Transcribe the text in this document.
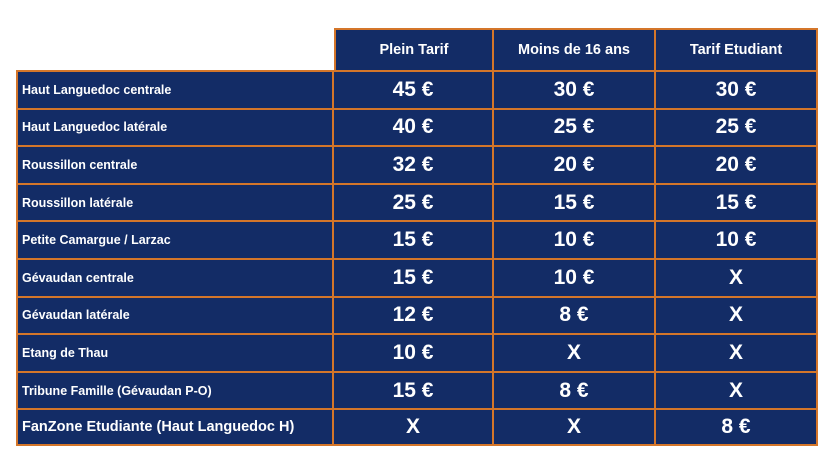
	Plein Tarif	Moins de 16 ans	Tarif Etudiant
Haut Languedoc centrale	45 €	30 €	30 €
Haut Languedoc latérale	40 €	25 €	25 €
Roussillon centrale	32 €	20 €	20 €
Roussillon latérale	25 €	15 €	15 €
Petite Camargue / Larzac	15 €	10 €	10 €
Gévaudan centrale	15 €	10 €	X
Gévaudan latérale	12 €	8 €	X
Etang de Thau	10 €	X	X
Tribune Famille (Gévaudan P-O)	15 €	8 €	X
FanZone Etudiante (Haut Languedoc H)	X	X	8 €
